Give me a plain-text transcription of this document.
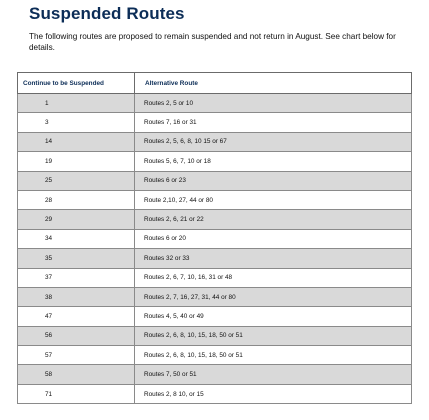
Suspended Routes

The following routes are proposed to remain suspended and not return in August. See chart below for details.

Continue to be Suspended	Alternative Route
1	Routes 2, 5 or 10
3	Routes 7, 16 or 31
14	Routes 2, 5, 6, 8, 10 15 or 67
19	Routes 5, 6, 7, 10 or 18
25	Routes 6 or 23
28	Route 2,10, 27, 44 or 80
29	Routes 2, 6, 21 or 22
34	Routes 6 or 20
35	Routes 32 or 33
37	Routes 2, 6, 7, 10, 16, 31 or 48
38	Routes 2, 7, 16, 27, 31, 44 or 80
47	Routes 4, 5, 40 or 49
56	Routes 2, 6, 8, 10, 15, 18, 50 or 51
57	Routes 2, 6, 8, 10, 15, 18, 50 or 51
58	Routes 7, 50 or 51
71	Routes 2, 8 10, or 15
